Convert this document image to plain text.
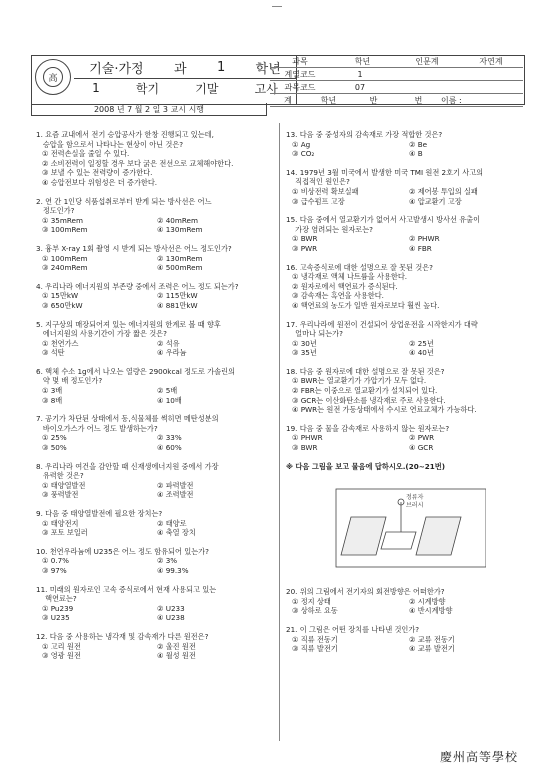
高
기술·가정 과 1 학년
1	학기	기말	고사
2008 년 7 월 2 일 3 교시 시행
과목	학년	인문계	자연계
계열코드	1
과목코드	07
계	학년	반	번	이름 :
1. 요즘 교내에서 전기 승압공사가 한창 진행되고 있는데,
승압을 함으로서 나타나는 현상이 아닌 것은?
① 전력손실을 줄일 수 있다.
② 소비전력이 일정할 경우 보다 굵은 전선으로 교체해야한다.
③ 보낼 수 있는 전력량이 증가한다.
④ 승압전보다 위험성은 더 증가한다.
2. 연 간 1인당 식품섭취로부터 받게 되는 방사선은 어느
정도인가?
① 35mRem	② 40mRem
③ 100mRem	④ 130mRem
3. 흉부 X-ray 1회 촬영 시 받게 되는 방사선은 어느 정도인가?
① 100mRem	② 130mRem
③ 240mRem	④ 500mRem
4. 우리나라 에너지원의 부존량 중에서 조력은 어느 정도 되는가?
① 15만kW	② 115만kW
③ 650만kW	④ 881만kW
5. 지구상의 매장되어져 있는 에너지원의 한계로 볼 때 향후
에너지원의 사용기간이 가장 짧은 것은?
① 천연가스	② 석유
③ 석탄	④ 우라늄
6. 핵체 수소 1g에서 나오는 열량은 2900kcal 정도로 가솔린의
약 몇 배 정도인가?
① 3배	② 5배
③ 8배	④ 10배
7. 공기가 차단된 상태에서 동,식물체를 썩히면 메탄성분의
바이오가스가 어느 정도 발생하는가?
① 25%	② 33%
③ 50%	④ 60%
8. 우리나라 여건을 감안할 때 신재생에너지원 중에서 가장
유력한 것은?
① 태양열발전	② 파력발전
③ 풍력발전	④ 조력발전
9. 다음 중 태양열발전에 필요한 장치는?
① 태양전지	② 태양로
③ 포토 보일러	④ 축열 장치
10. 천연우라늄에 U235은 어느 정도 함유되어 있는가?
① 0.7%	② 3%
③ 97%	④ 99.3%
11. 미래의 원자로인 고속 증식로에서 현재 사용되고 있는
핵연료는?
① Pu239	② U233
③ U235	④ U238
12. 다음 중 사용하는 냉각재 및 감속재가 다른 원전은?
① 고리 원전	② 울진 원전
③ 영광 원전	④ 월성 원전
13. 다음 중 중성자의 감속재로 가장 적합한 것은?
① Ag	② Be
③ CO₂	④ B
14. 1979년 3월 미국에서 발생한 미국 TMI 원전 2호기 사고의
직접적인 원인은?
① 비상전력 확보실패	② 제어봉 투입의 실패
③ 급수펌프 고장	④ 압교환기 고장
15. 다음 중에서 열교환기가 없어서 사고발생시 방사선 유출이
가장 염려되는 원자로는?
① BWR	② PHWR
③ PWR	④ FBR
16. 고속증식로에 대한 설명으로 잘 못된 것은?
① 냉각재로 액체 나트륨을 사용한다.
② 원자로에서 핵연료가 증식된다.
③ 감속재는 흑연을 사용한다.
④ 핵연료의 농도가 일반 원자로보다 훨씬 높다.
17. 우리나라에 원전이 건설되어 상업운전을 시작한지가 대략
얼마나 되는가?
① 30년	② 25년
③ 35년	④ 40년
18. 다음 중 원자로에 대한 설명으로 잘 못된 것은?
① BWR는 열교환기가 가압기가 모두 없다.
② FBR는 이중으로 열교환기가 설치되어 있다.
③ GCR는 이산화탄소를 냉각재로 주로 사용한다.
④ PWR는 원전 가동상태에서 수시로 연료교체가 가능하다.
19. 다음 중 물을 감속재로 사용하지 않는 원자로는?
① PHWR	② PWR
③ BWR	④ GCR
※ 다음 그림을 보고 물음에 답하시오.(20~21번)
정류자
브러시
20. 위의 그림에서 전기자의 회전방향은 어떠한가?
① 정지 상태	② 시계방향
③ 상하로 요동	④ 반시계방향
21. 이 그림은 어떤 장치를 나타낸 것인가?
① 직류 전동기	② 교류 전동기
③ 직류 발전기	④ 교류 발전기
慶州高等學校
